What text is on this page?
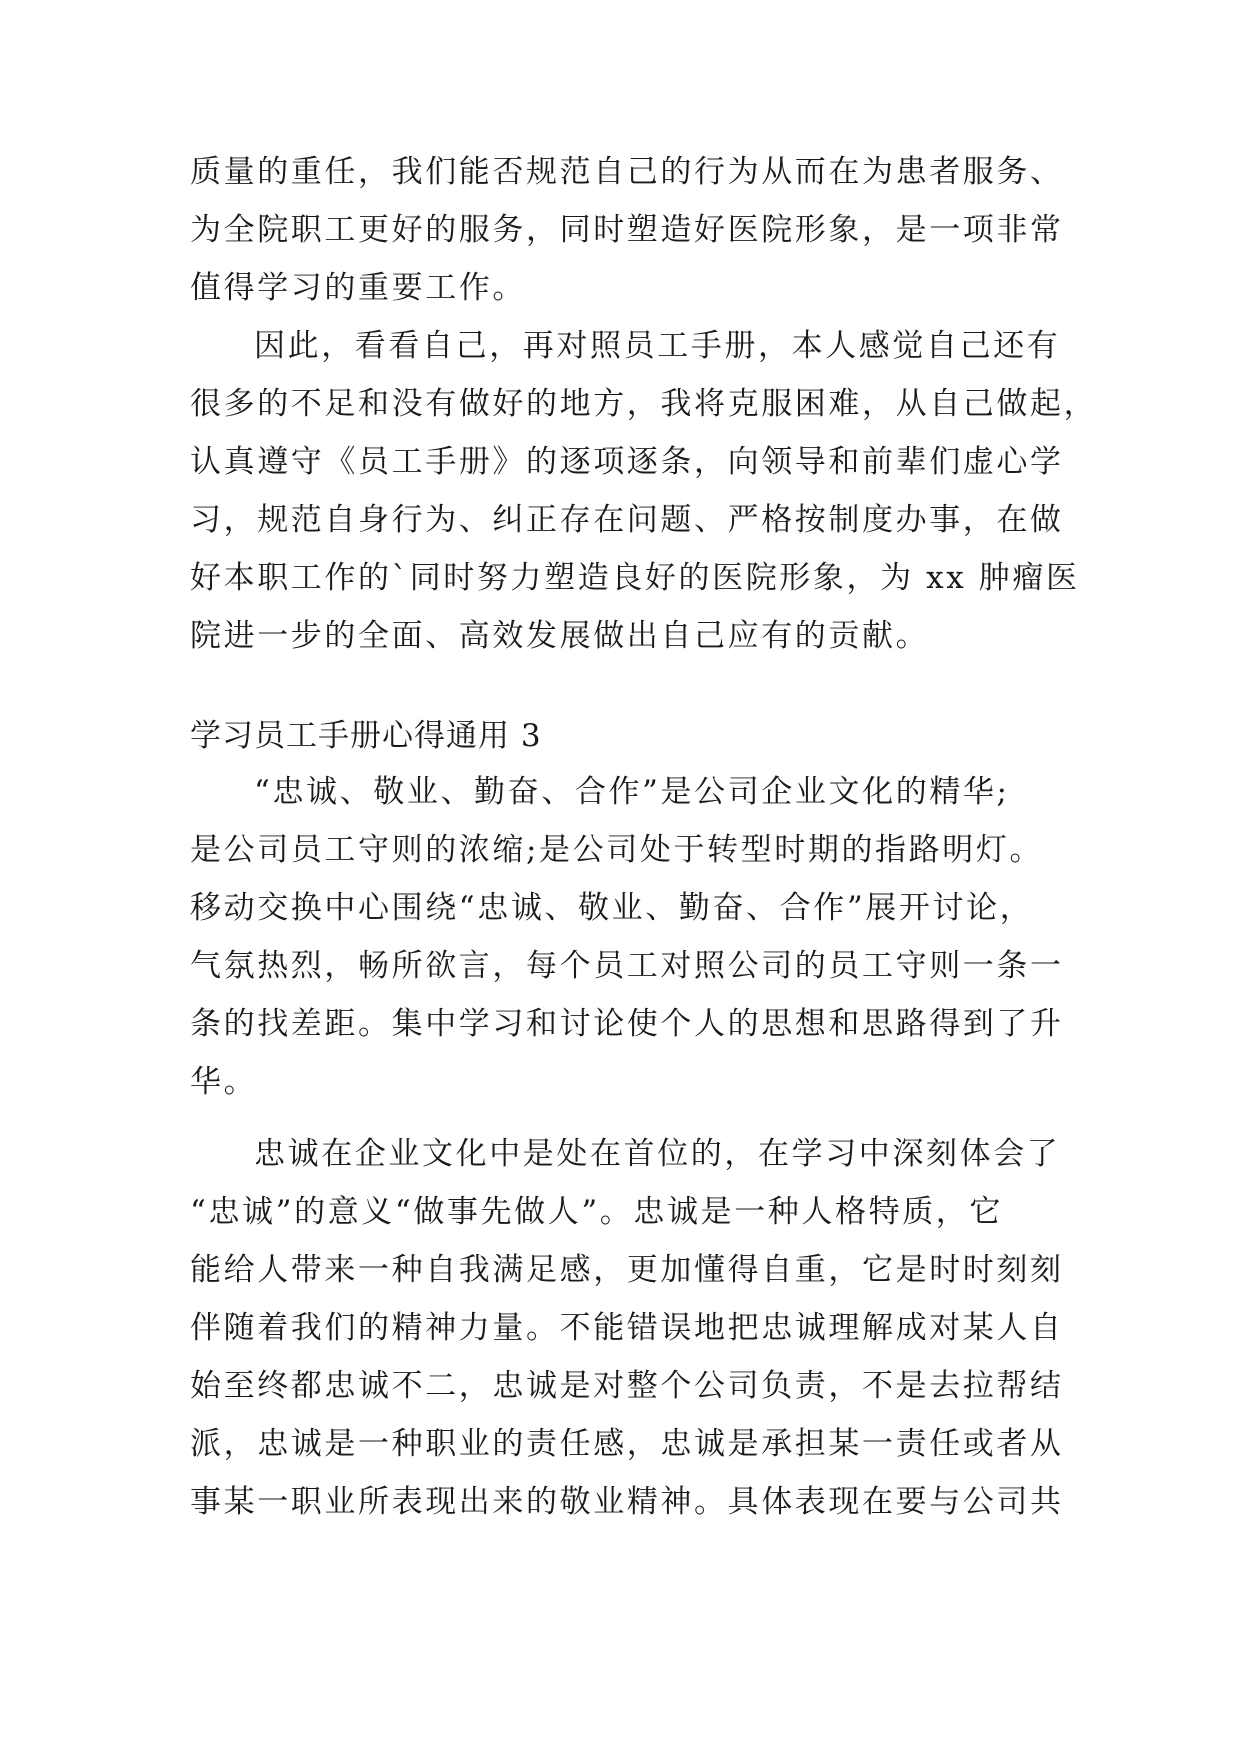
质量的重任，我们能否规范自己的行为从而在为患者服务、
为全院职工更好的服务，同时塑造好医院形象，是一项非常
值得学习的重要工作。
因此，看看自己，再对照员工手册，本人感觉自己还有
很多的不足和没有做好的地方，我将克服困难，从自己做起，
认真遵守《员工手册》的逐项逐条，向领导和前辈们虚心学
习，规范自身行为、纠正存在问题、严格按制度办事，在做
好本职工作的`同时努力塑造良好的医院形象，为 xx 肿瘤医
院进一步的全面、高效发展做出自己应有的贡献。
学习员工手册心得通用 3
“忠诚、敬业、勤奋、合作”是公司企业文化的精华;
是公司员工守则的浓缩;是公司处于转型时期的指路明灯。
移动交换中心围绕“忠诚、敬业、勤奋、合作”展开讨论，
气氛热烈，畅所欲言，每个员工对照公司的员工守则一条一
条的找差距。集中学习和讨论使个人的思想和思路得到了升
华。
忠诚在企业文化中是处在首位的，在学习中深刻体会了
“忠诚”的意义“做事先做人”。忠诚是一种人格特质，它
能给人带来一种自我满足感，更加懂得自重，它是时时刻刻
伴随着我们的精神力量。不能错误地把忠诚理解成对某人自
始至终都忠诚不二，忠诚是对整个公司负责，不是去拉帮结
派，忠诚是一种职业的责任感，忠诚是承担某一责任或者从
事某一职业所表现出来的敬业精神。具体表现在要与公司共
